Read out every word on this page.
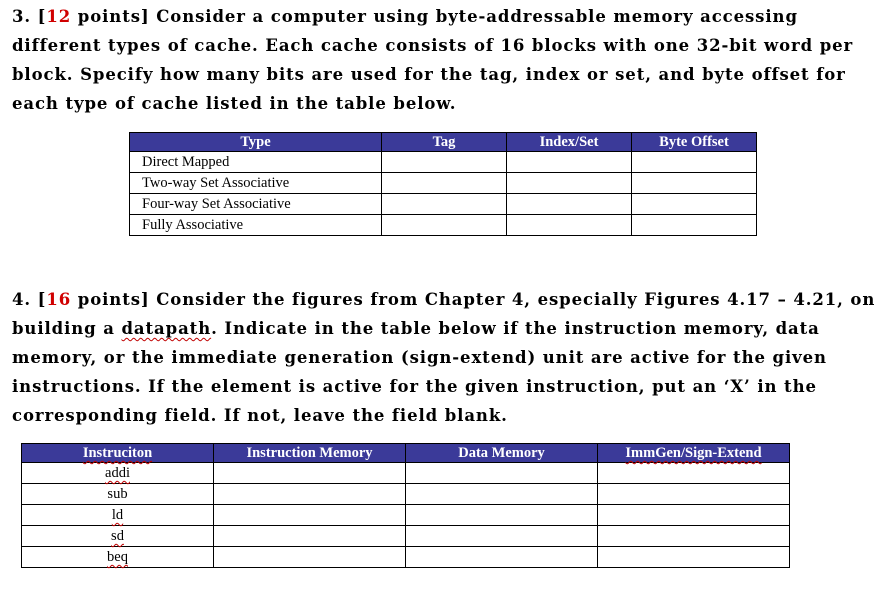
3. [12 points] Consider a computer using byte-addressable memory accessing different types of cache. Each cache consists of 16 blocks with one 32-bit word per block. Specify how many bits are used for the tag, index or set, and byte offset for each type of cache listed in the table below.

Type	Tag	Index/Set	Byte Offset
Direct Mapped			
Two-way Set Associative			
Four-way Set Associative			
Fully Associative			

4. [16 points] Consider the figures from Chapter 4, especially Figures 4.17 – 4.21, on building a datapath. Indicate in the table below if the instruction memory, data memory, or the immediate generation (sign-extend) unit are active for the given instructions. If the element is active for the given instruction, put an ‘X’ in the corresponding field. If not, leave the field blank.

Instruciton	Instruction Memory	Data Memory	ImmGen/Sign-Extend
addi			
sub			
ld			
sd			
beq			
